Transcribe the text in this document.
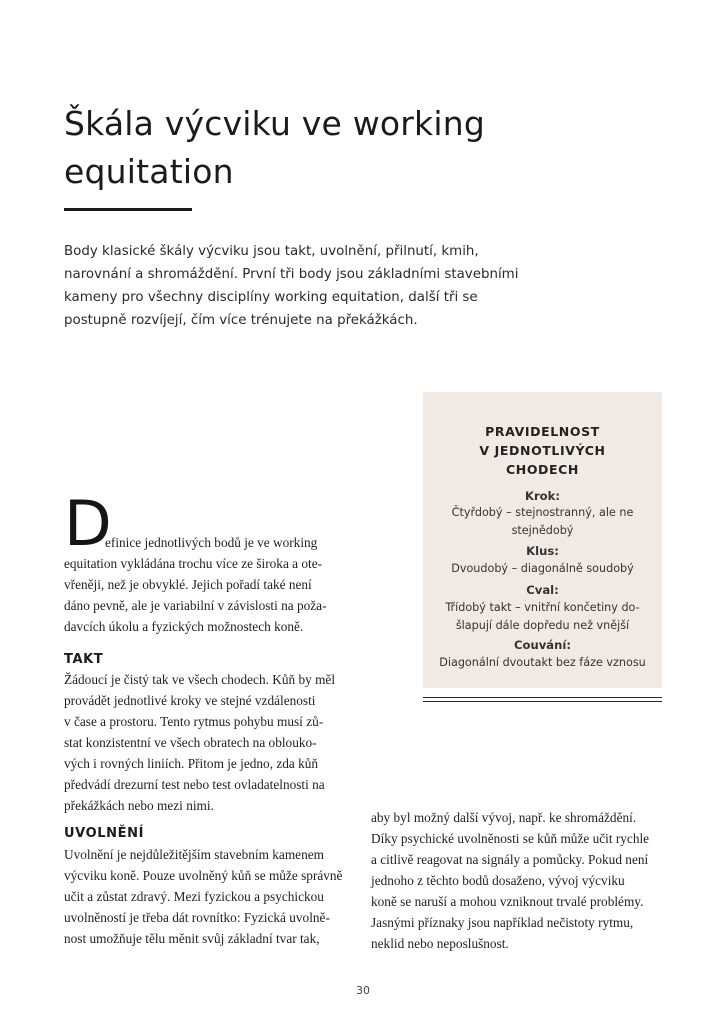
Škála výcviku ve working equitation

Body klasické škály výcviku jsou takt, uvolnění, přilnutí, kmih,
narovnání a shromáždění. První tři body jsou základními stavebními
kameny pro všechny disciplíny working equitation, další tři se
postupně rozvíjejí, čím více trénujete na překážkách.

PRAVIDELNOST
V JEDNOTLIVÝCH
CHODECH
Krok:
Čtyřdobý – stejnostranný, ale ne
stejnědobý
Klus:
Dvoudobý – diagonálně soudobý
Cval:
Třídobý takt – vnitřní končetiny do-
šlapují dále dopředu než vnější
Couvání:
Diagonální dvoutakt bez fáze vznosu
D
efinice jednotlivých bodů je ve working
equitation vykládána trochu více ze široka a ote-
vřeněji, než je obvyklé. Jejich pořadí také není
dáno pevně, ale je variabilní v závislosti na poža-
davcích úkolu a fyzických možnostech koně.
TAKT
Žádoucí je čistý tak ve všech chodech. Kůň by měl
provádět jednotlivé kroky ve stejné vzdálenosti
v čase a prostoru. Tento rytmus pohybu musí zů-
stat konzistentní ve všech obratech na oblouko-
vých i rovných liniích. Přitom je jedno, zda kůň
předvádí drezurní test nebo test ovladatelnosti na
překážkách nebo mezi nimi.
UVOLNĚNÍ
Uvolnění je nejdůležitějším stavebním kamenem
výcviku koně. Pouze uvolněný kůň se může správně
učit a zůstat zdravý. Mezi fyzickou a psychickou
uvolněností je třeba dát rovnítko: Fyzická uvolně-
nost umožňuje tělu měnit svůj základní tvar tak,
aby byl možný další vývoj, např. ke shromáždění.
Díky psychické uvolněnosti se kůň může učit rychle
a citlivě reagovat na signály a pomůcky. Pokud není
jednoho z těchto bodů dosaženo, vývoj výcviku
koně se naruší a mohou vzniknout trvalé problémy.
Jasnými příznaky jsou například nečistoty rytmu,
neklid nebo neposlušnost.
30
